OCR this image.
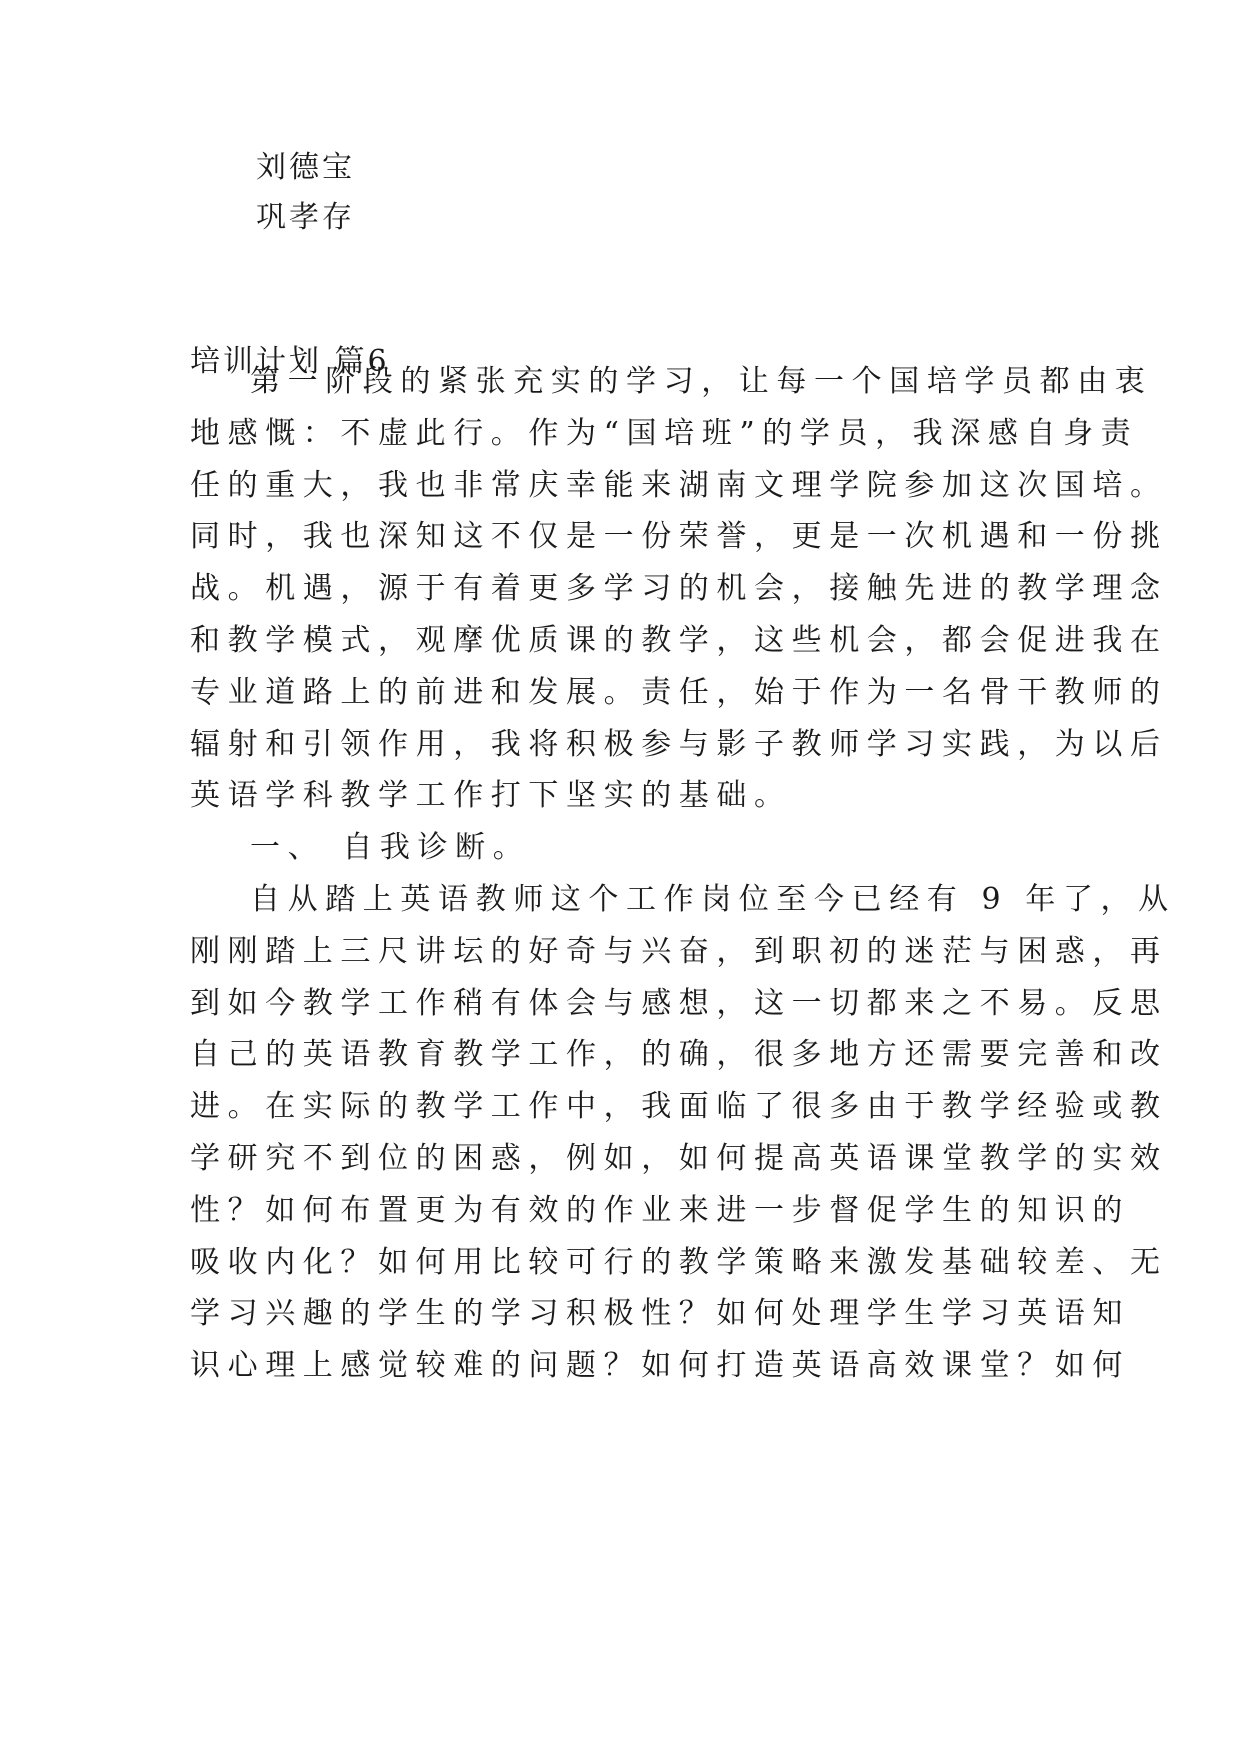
刘德宝
巩孝存
培训计划 篇6
第一阶段的紧张充实的学习，让每一个国培学员都由衷
地感慨：不虚此行。作为“国培班”的学员，我深感自身责
任的重大，我也非常庆幸能来湖南文理学院参加这次国培。
同时，我也深知这不仅是一份荣誉，更是一次机遇和一份挑
战。机遇，源于有着更多学习的机会，接触先进的教学理念
和教学模式，观摩优质课的教学，这些机会，都会促进我在
专业道路上的前进和发展。责任，始于作为一名骨干教师的
辐射和引领作用，我将积极参与影子教师学习实践，为以后
英语学科教学工作打下坚实的基础。
一、 自我诊断。
自从踏上英语教师这个工作岗位至今已经有 9 年了，从
刚刚踏上三尺讲坛的好奇与兴奋，到职初的迷茫与困惑，再
到如今教学工作稍有体会与感想，这一切都来之不易。反思
自己的英语教育教学工作，的确，很多地方还需要完善和改
进。在实际的教学工作中，我面临了很多由于教学经验或教
学研究不到位的困惑，例如，如何提高英语课堂教学的实效
性？如何布置更为有效的作业来进一步督促学生的知识的
吸收内化？如何用比较可行的教学策略来激发基础较差、无
学习兴趣的学生的学习积极性？如何处理学生学习英语知
识心理上感觉较难的问题？如何打造英语高效课堂？如何
